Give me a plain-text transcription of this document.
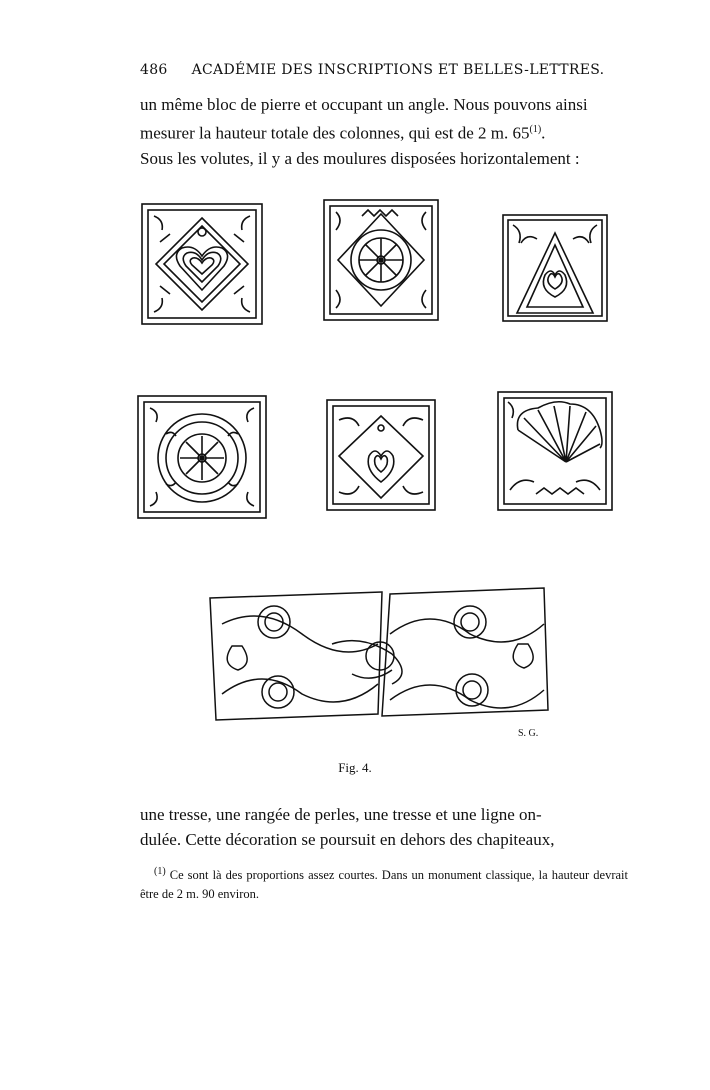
486 ACADÉMIE DES INSCRIPTIONS ET BELLES-LETTRES.

un même bloc de pierre et occupant un angle. Nous pouvons ainsi

mesurer la hauteur totale des colonnes, qui est de 2 m. 65$^{(1)}$.

Sous les volutes, il y a des moulures disposées horizontalement :

S. G.
Fig. 4.

une tresse, une rangée de perles, une tresse et une ligne on-

dulée. Cette décoration se poursuit en dehors des chapiteaux,

$^{(1)}$ Ce sont là des proportions assez courtes. Dans un monument classique, la hauteur devrait être de 2 m. 90 environ.
